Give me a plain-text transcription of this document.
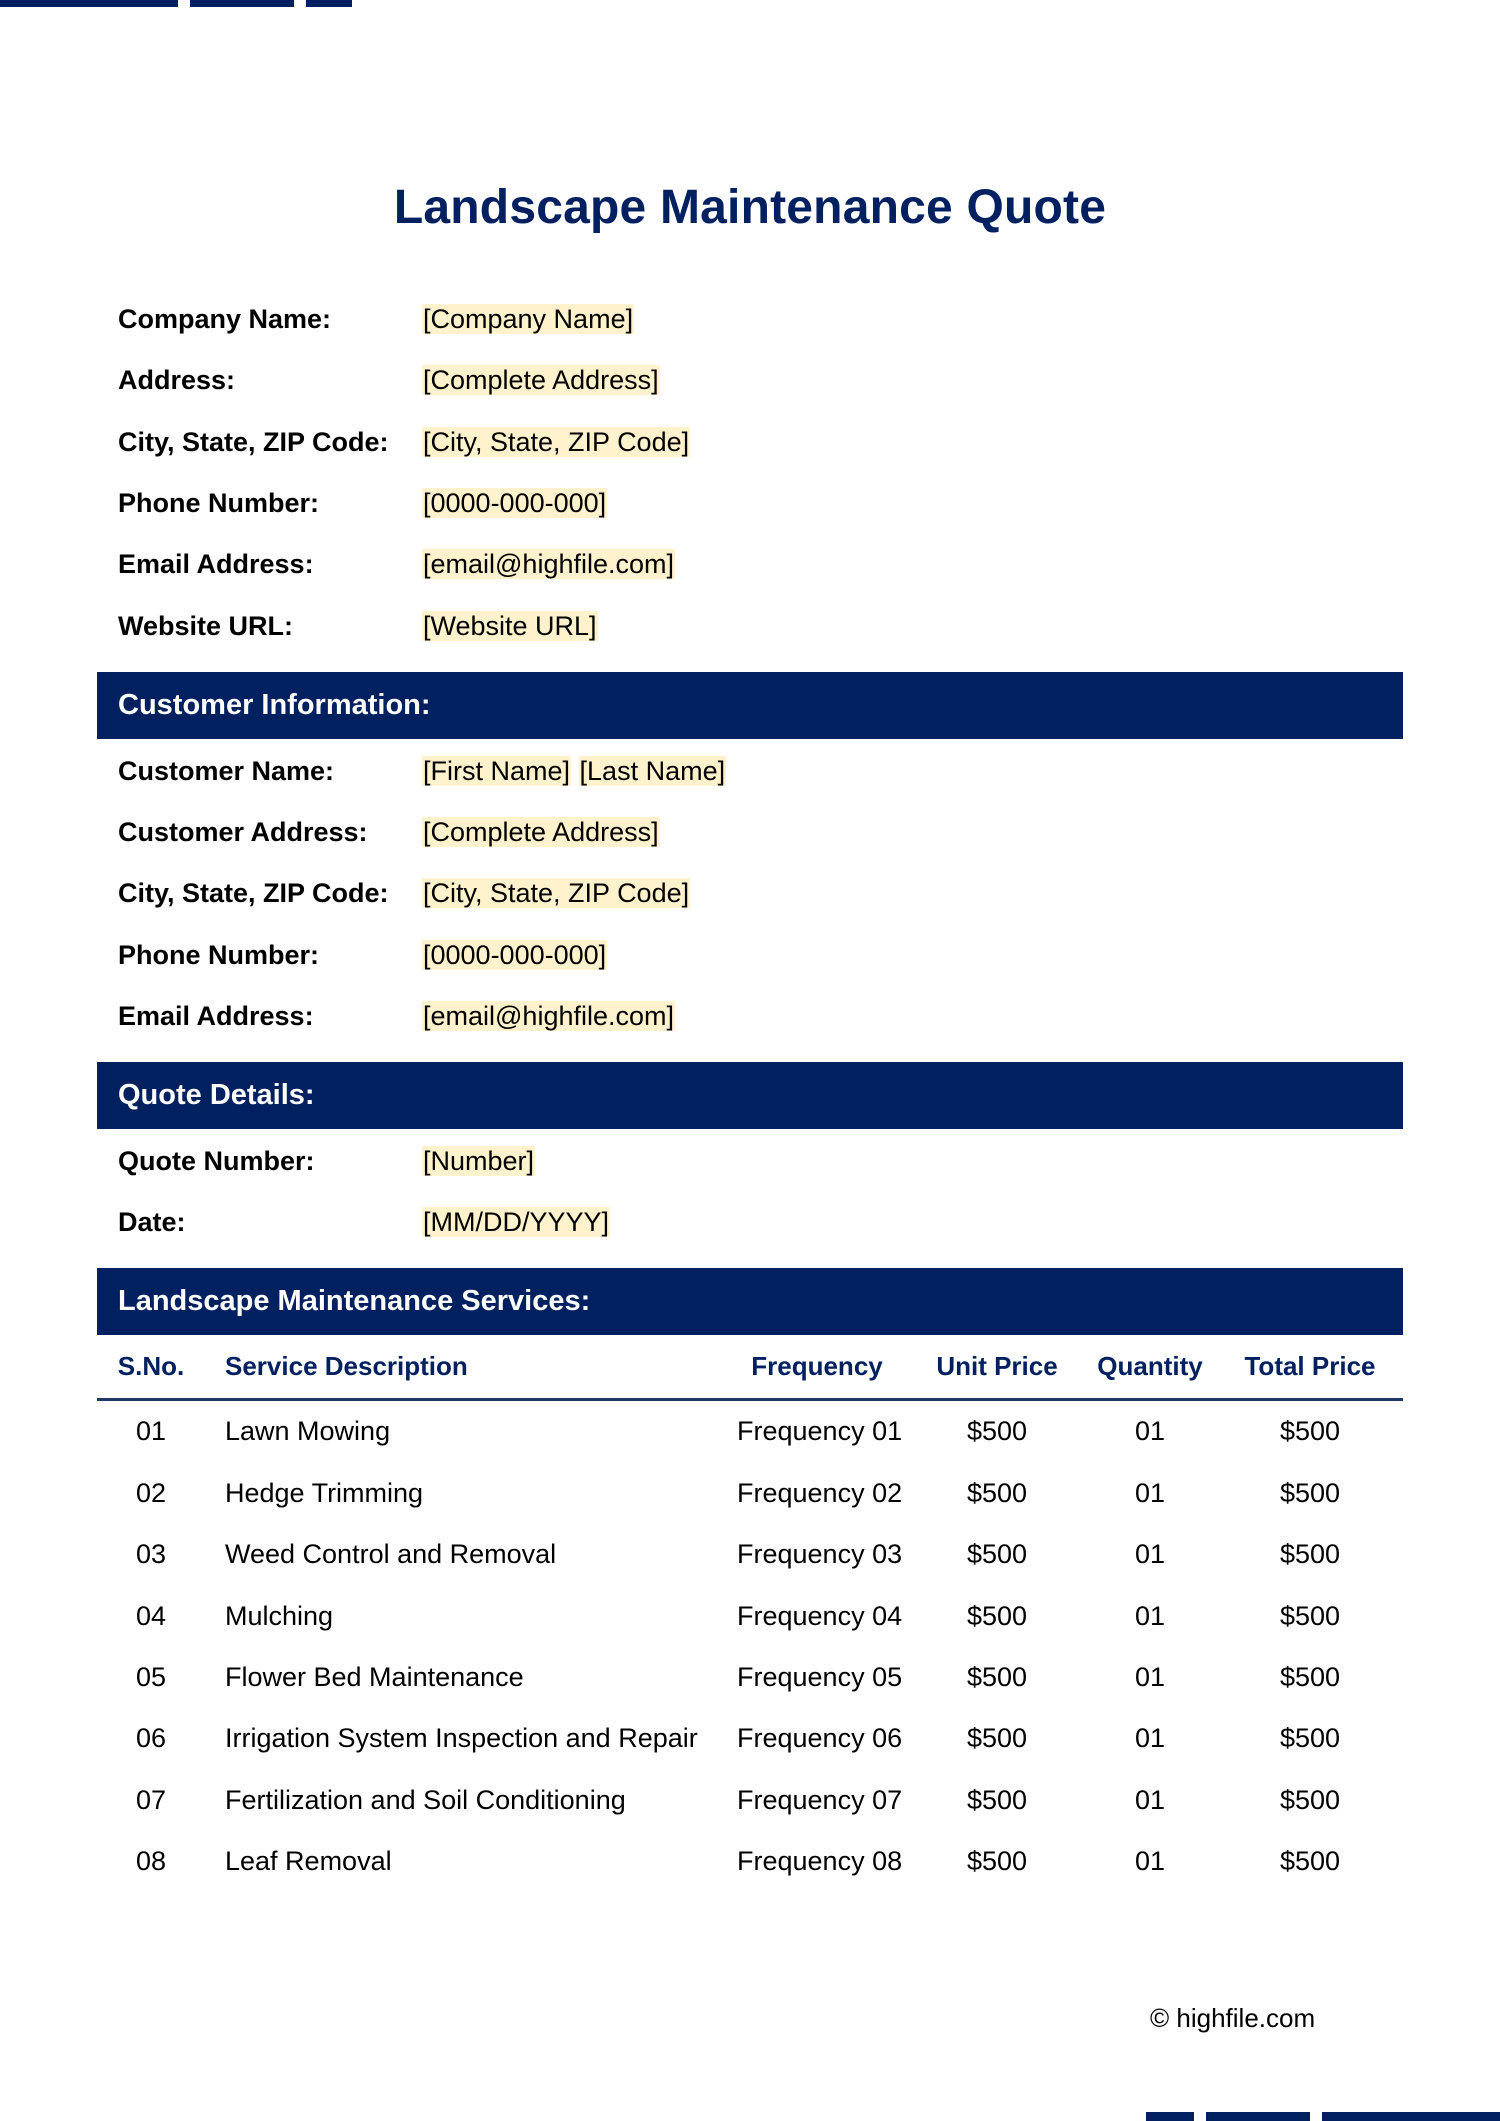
Landscape Maintenance Quote
Company Name:	[Company Name]
Address:	[Complete Address]
City, State, ZIP Code:	[City, State, ZIP Code]
Phone Number:	[0000-000-000]
Email Address:	[email@highfile.com]
Website URL:	[Website URL]
Customer Information:
Customer Name:	[First Name] [Last Name]
Customer Address:	[Complete Address]
City, State, ZIP Code:	[City, State, ZIP Code]
Phone Number:	[0000-000-000]
Email Address:	[email@highfile.com]
Quote Details:
Quote Number:	[Number]
Date:	[MM/DD/YYYY]
Landscape Maintenance Services:
S.No.	Service Description	Frequency	Unit Price	Quantity	Total Price
01	Lawn Mowing	Frequency 01	$500	01	$500
02	Hedge Trimming	Frequency 02	$500	01	$500
03	Weed Control and Removal	Frequency 03	$500	01	$500
04	Mulching	Frequency 04	$500	01	$500
05	Flower Bed Maintenance	Frequency 05	$500	01	$500
06	Irrigation System Inspection and Repair	Frequency 06	$500	01	$500
07	Fertilization and Soil Conditioning	Frequency 07	$500	01	$500
08	Leaf Removal	Frequency 08	$500	01	$500
© highfile.com
